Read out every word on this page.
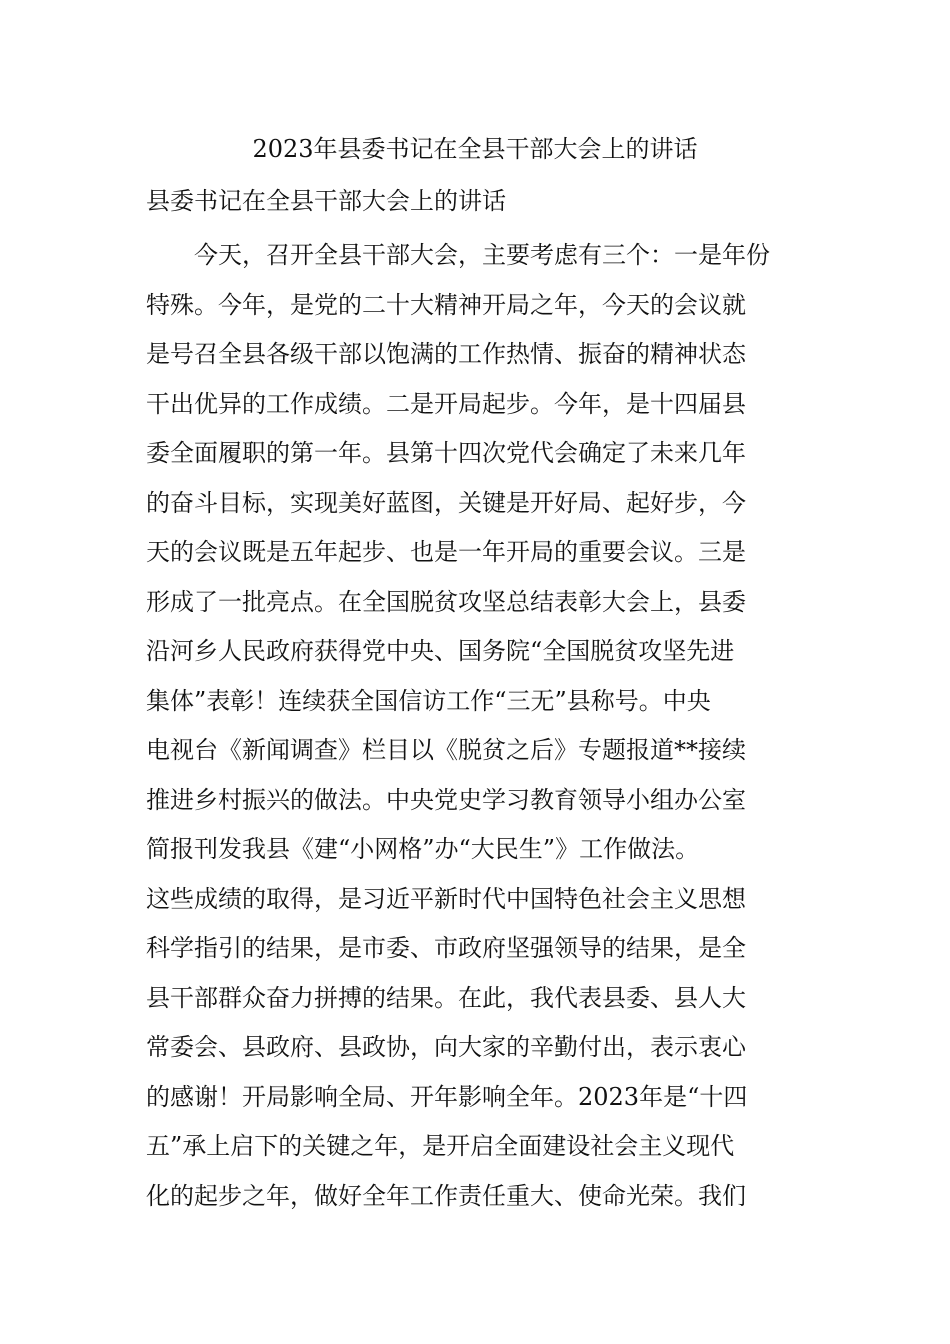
2023年县委书记在全县干部大会上的讲话

县委书记在全县干部大会上的讲话

　　今天，召开全县干部大会，主要考虑有三个：一是年份
特殊。今年，是党的二十大精神开局之年，今天的会议就
是号召全县各级干部以饱满的工作热情、振奋的精神状态
干出优异的工作成绩。二是开局起步。今年，是十四届县
委全面履职的第一年。县第十四次党代会确定了未来几年
的奋斗目标，实现美好蓝图，关键是开好局、起好步，今
天的会议既是五年起步、也是一年开局的重要会议。三是
形成了一批亮点。在全国脱贫攻坚总结表彰大会上，县委
沿河乡人民政府获得党中央、国务院“全国脱贫攻坚先进
集体”表彰！连续获全国信访工作“三无”县称号。中央
电视台《新闻调查》栏目以《脱贫之后》专题报道**接续
推进乡村振兴的做法。中央党史学习教育领导小组办公室
简报刊发我县《建“小网格”办“大民生”》工作做法。
这些成绩的取得，是习近平新时代中国特色社会主义思想
科学指引的结果，是市委、市政府坚强领导的结果，是全
县干部群众奋力拼搏的结果。在此，我代表县委、县人大
常委会、县政府、县政协，向大家的辛勤付出，表示衷心
的感谢！开局影响全局、开年影响全年。2023年是“十四
五”承上启下的关键之年，是开启全面建设社会主义现代
化的起步之年，做好全年工作责任重大、使命光荣。我们
